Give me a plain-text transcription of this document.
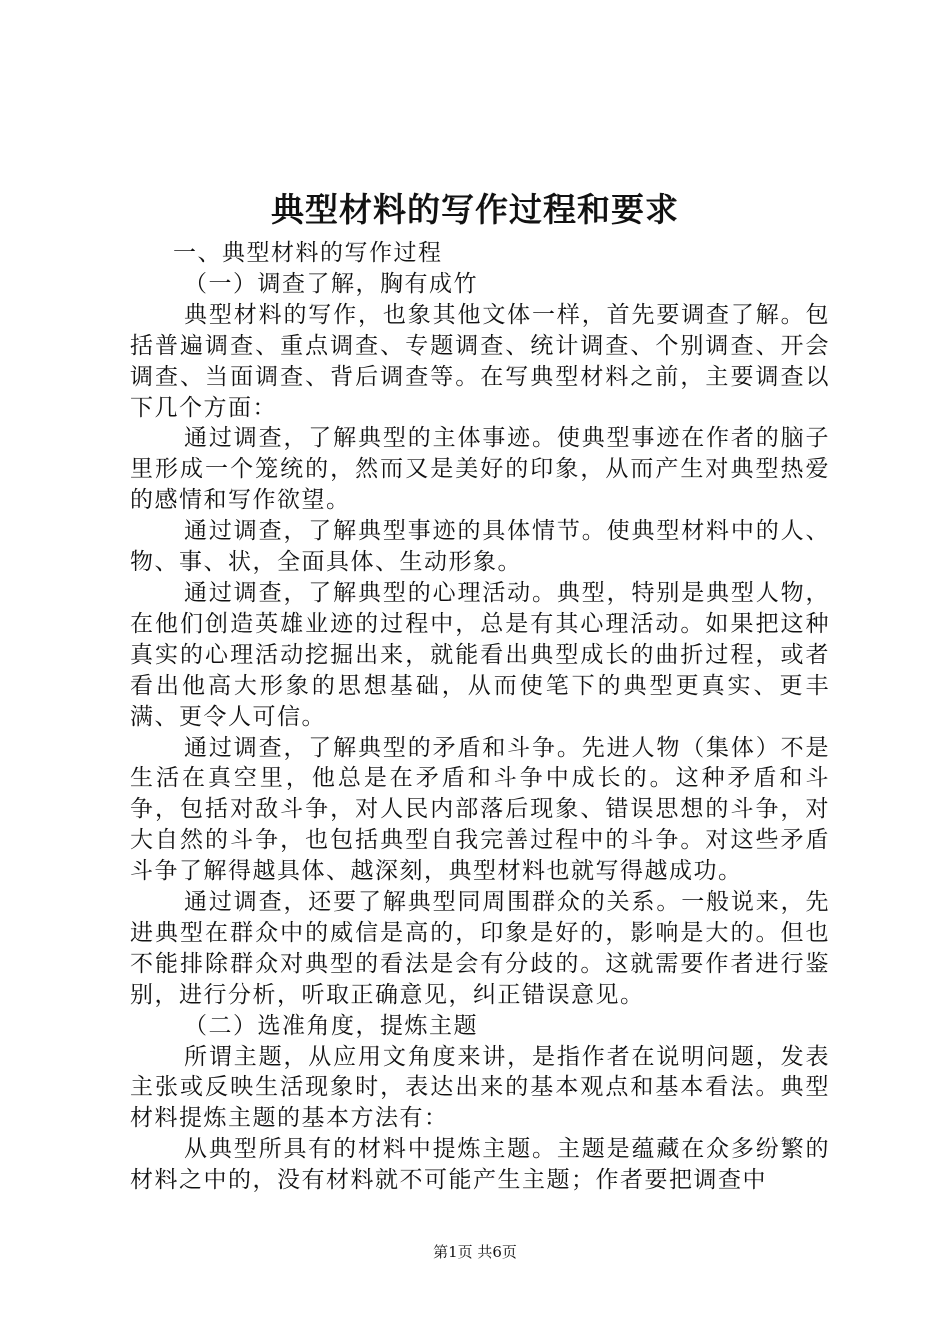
典型材料的写作过程和要求

一、典型材料的写作过程

（一）调查了解，胸有成竹

典型材料的写作，也象其他文体一样，首先要调查了解。包括普遍调查、重点调查、专题调查、统计调查、个别调查、开会调查、当面调查、背后调查等。在写典型材料之前，主要调查以下几个方面：

通过调查，了解典型的主体事迹。使典型事迹在作者的脑子里形成一个笼统的，然而又是美好的印象，从而产生对典型热爱的感情和写作欲望。

通过调查，了解典型事迹的具体情节。使典型材料中的人、物、事、状，全面具体、生动形象。

通过调查，了解典型的心理活动。典型，特别是典型人物，在他们创造英雄业迹的过程中，总是有其心理活动。如果把这种真实的心理活动挖掘出来，就能看出典型成长的曲折过程，或者看出他高大形象的思想基础，从而使笔下的典型更真实、更丰满、更令人可信。

通过调查，了解典型的矛盾和斗争。先进人物（集体）不是生活在真空里，他总是在矛盾和斗争中成长的。这种矛盾和斗争，包括对敌斗争，对人民内部落后现象、错误思想的斗争，对大自然的斗争，也包括典型自我完善过程中的斗争。对这些矛盾斗争了解得越具体、越深刻，典型材料也就写得越成功。

通过调查，还要了解典型同周围群众的关系。一般说来，先进典型在群众中的威信是高的，印象是好的，影响是大的。但也不能排除群众对典型的看法是会有分歧的。这就需要作者进行鉴别，进行分析，听取正确意见，纠正错误意见。

（二）选准角度，提炼主题

所谓主题，从应用文角度来讲，是指作者在说明问题，发表主张或反映生活现象时，表达出来的基本观点和基本看法。典型材料提炼主题的基本方法有：

从典型所具有的材料中提炼主题。主题是蕴藏在众多纷繁的材料之中的，没有材料就不可能产生主题；作者要把调查中

第1页 共6页
